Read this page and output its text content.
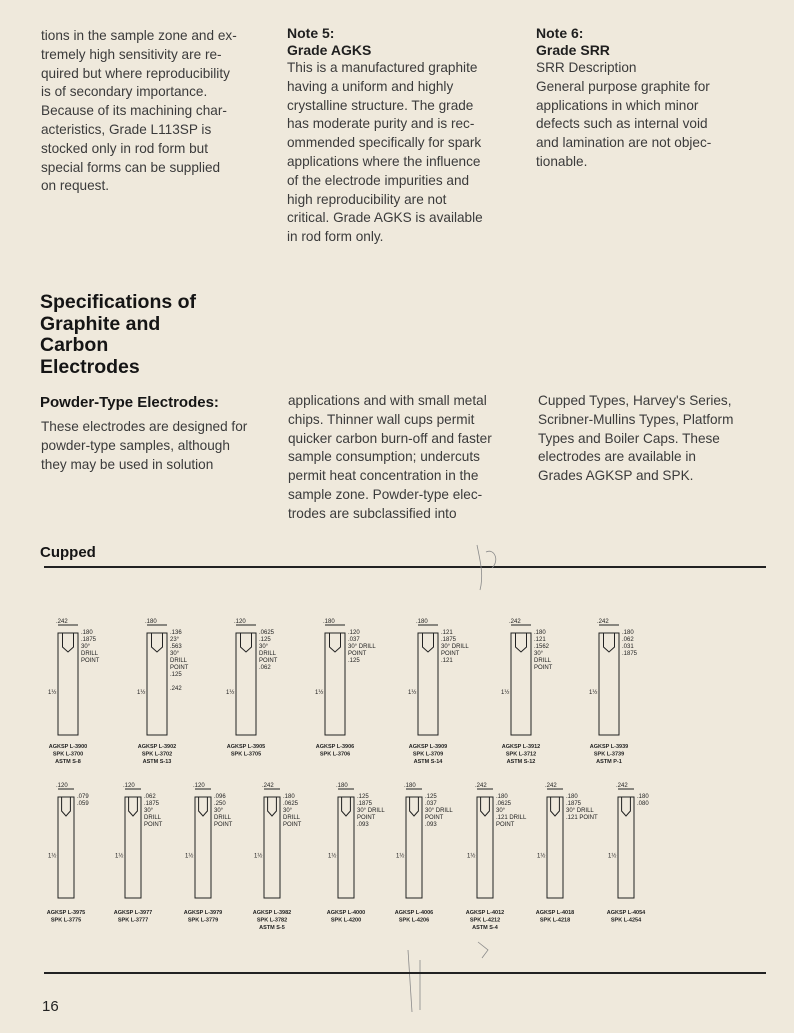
tions in the sample zone and ex-
tremely high sensitivity are re-
quired but where reproducibility
is of secondary importance.
Because of its machining char-
acteristics, Grade L113SP is
stocked only in rod form but
special forms can be supplied
on request.
Note 5:
Grade AGKS
This is a manufactured graphite
having a uniform and highly
crystalline structure. The grade
has moderate purity and is rec-
ommended specifically for spark
applications where the influence
of the electrode impurities and
high reproducibility are not
critical. Grade AGKS is available
in rod form only.
Note 6:
Grade SRR
SRR Description
General purpose graphite for
applications in which minor
defects such as internal void
and lamination are not objec-
tionable.
Specifications of
Graphite and
Carbon
Electrodes
Powder-Type Electrodes:
These electrodes are designed for
powder-type samples, although
they may be used in solution
applications and with small metal
chips. Thinner wall cups permit
quicker carbon burn-off and faster
sample consumption; undercuts
permit heat concentration in the
sample zone. Powder-type elec-
trodes are subclassified into
Cupped Types, Harvey's Series,
Scribner-Mullins Types, Platform
Types and Boiler Caps. These
electrodes are available in
Grades AGKSP and SPK.
Cupped
.242
.180
.1875
30°
DRILL
POINT
1½
AGKSP L-3900
SPK L-3700
ASTM S-8
.180
.136
23°
.563
30°
DRILL
POINT
.125
1½
.242
AGKSP L-3902
SPK L-3702
ASTM S-13
.120
.0625
.125
30°
DRILL
POINT
.062
1½
AGKSP L-3905
SPK L-3705
.180
.120
.037
30° DRILL
POINT
.125
1½
AGKSP L-3906
SPK L-3706
.180
.121
.1875
30° DRILL
POINT
.121
1½
AGKSP L-3909
SPK L-3709
ASTM S-14
.242
.180
.121
.1562
30°
DRILL
POINT
1½
AGKSP L-3912
SPK L-3712
ASTM S-12
.242
.180
.062
.031
.1875
1½
AGKSP L-3939
SPK L-3739
ASTM P-1
.120
.079
.059
1½
AGKSP L-3975
SPK L-3775
.120
.062
.1875
30°
DRILL
POINT
1½
AGKSP L-3977
SPK L-3777
.120
.096
.250
30°
DRILL
POINT
1½
AGKSP L-3979
SPK L-3779
.242
.180
.0625
30°
DRILL
POINT
1½
AGKSP L-3982
SPK L-3782
ASTM S-5
.180
.125
.1875
30° DRILL
POINT
.093
1½
AGKSP L-4000
SPK L-4200
.180
.125
.037
30° DRILL
POINT
.093
1½
AGKSP L-4006
SPK L-4206
.242
.180
.0625
30°
.121 DRILL
POINT
1½
AGKSP L-4012
SPK L-4212
ASTM S-4
.242
.180
.1875
30° DRILL
.121 POINT
1½
AGKSP L-4018
SPK L-4218
.242
.180
.080
1½
AGKSP L-4054
SPK L-4254
16
